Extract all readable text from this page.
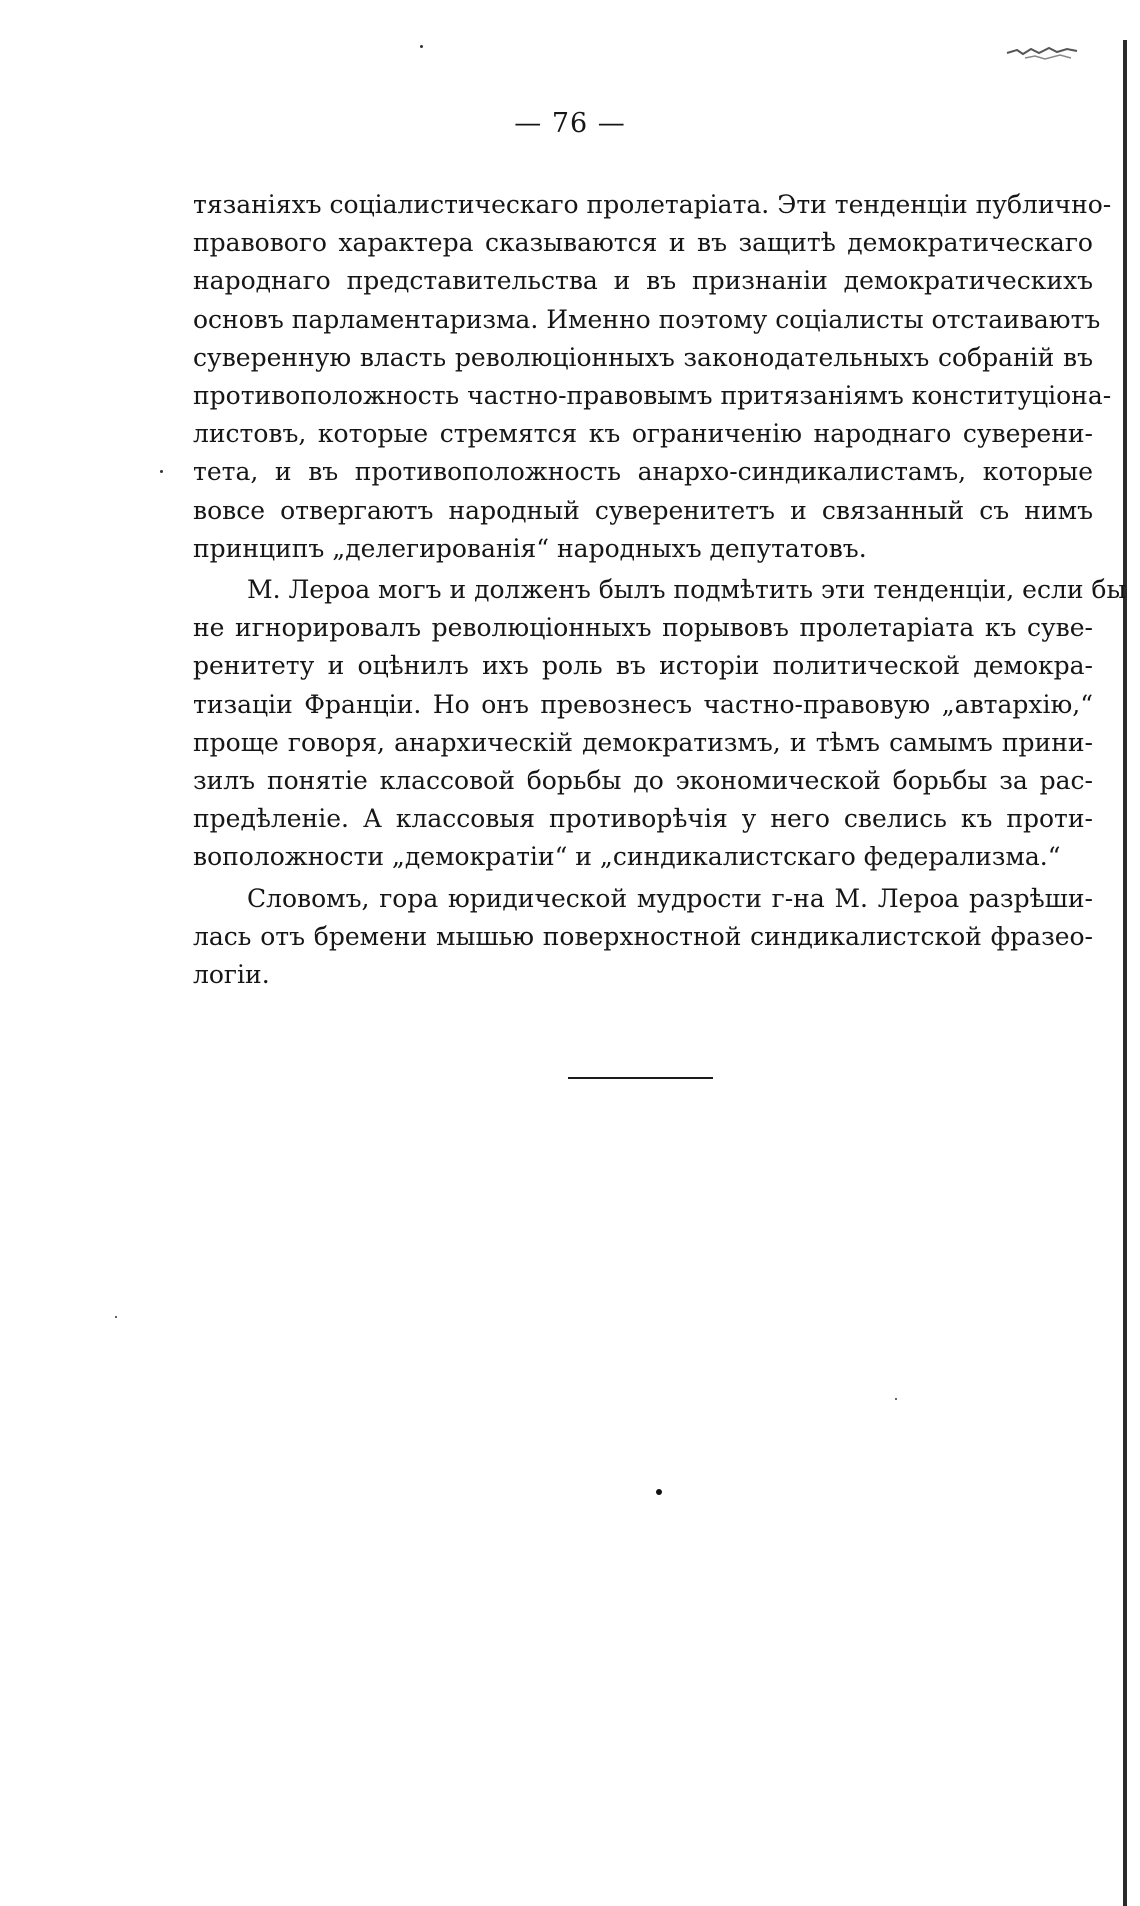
— 76 —
тязаніяхъ соціалистическаго пролетаріата. Эти тенденціи публично-
правового характера сказываются и въ защитѣ демократическаго
народнаго представительства и въ признаніи демократическихъ
основъ парламентаризма. Именно поэтому соціалисты отстаиваютъ
суверенную власть революціонныхъ законодательныхъ собраній въ
противоположность частно-правовымъ притязаніямъ конституціона-
листовъ, которые стремятся къ ограниченію народнаго суверени-
тета, и въ противоположность анархо-синдикалистамъ, которые
вовсе отвергаютъ народный суверенитетъ и связанный съ нимъ
принципъ „делегированія“ народныхъ депутатовъ.
М. Лероа могъ и долженъ былъ подмѣтить эти тенденціи, если бы
не игнорировалъ революціонныхъ порывовъ пролетаріата къ суве-
ренитету и оцѣнилъ ихъ роль въ исторіи политической демокра-
тизаціи Франціи. Но онъ превознесъ частно-правовую „автархію,“
проще говоря, анархическій демократизмъ, и тѣмъ самымъ прини-
зилъ понятіе классовой борьбы до экономической борьбы за рас-
предѣленіе. А классовыя противорѣчія у него свелись къ проти-
воположности „демократіи“ и „синдикалистскаго федерализма.“
Словомъ, гора юридической мудрости г-на М. Лероа разрѣши-
лась отъ бремени мышью поверхностной синдикалистской фразео-
логіи.
